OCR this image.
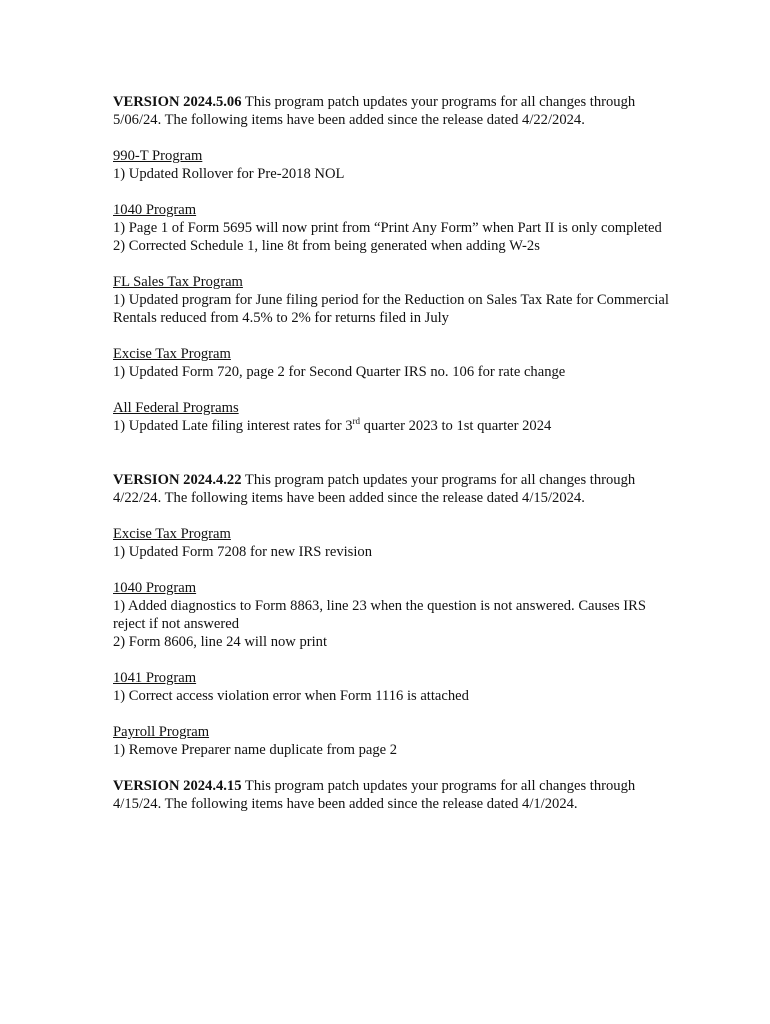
VERSION 2024.5.06 This program patch updates your programs for all changes through 5/06/24. The following items have been added since the release dated 4/22/2024.

990-T Program
1) Updated Rollover for Pre-2018 NOL
1040 Program
1) Page 1 of Form 5695 will now print from “Print Any Form” when Part II is only completed
2) Corrected Schedule 1, line 8t from being generated when adding W-2s
FL Sales Tax Program
1) Updated program for June filing period for the Reduction on Sales Tax Rate for Commercial Rentals reduced from 4.5% to 2% for returns filed in July
Excise Tax Program
1) Updated Form 720, page 2 for Second Quarter IRS no. 106 for rate change
All Federal Programs
1) Updated Late filing interest rates for 3rd quarter 2023 to 1st quarter 2024

VERSION 2024.4.22 This program patch updates your programs for all changes through 4/22/24. The following items have been added since the release dated 4/15/2024.

Excise Tax Program
1) Updated Form 7208 for new IRS revision
1040 Program
1) Added diagnostics to Form 8863, line 23 when the question is not answered. Causes IRS reject if not answered
2) Form 8606, line 24 will now print
1041 Program
1) Correct access violation error when Form 1116 is attached
Payroll Program
1) Remove Preparer name duplicate from page 2

VERSION 2024.4.15 This program patch updates your programs for all changes through 4/15/24. The following items have been added since the release dated 4/1/2024.
